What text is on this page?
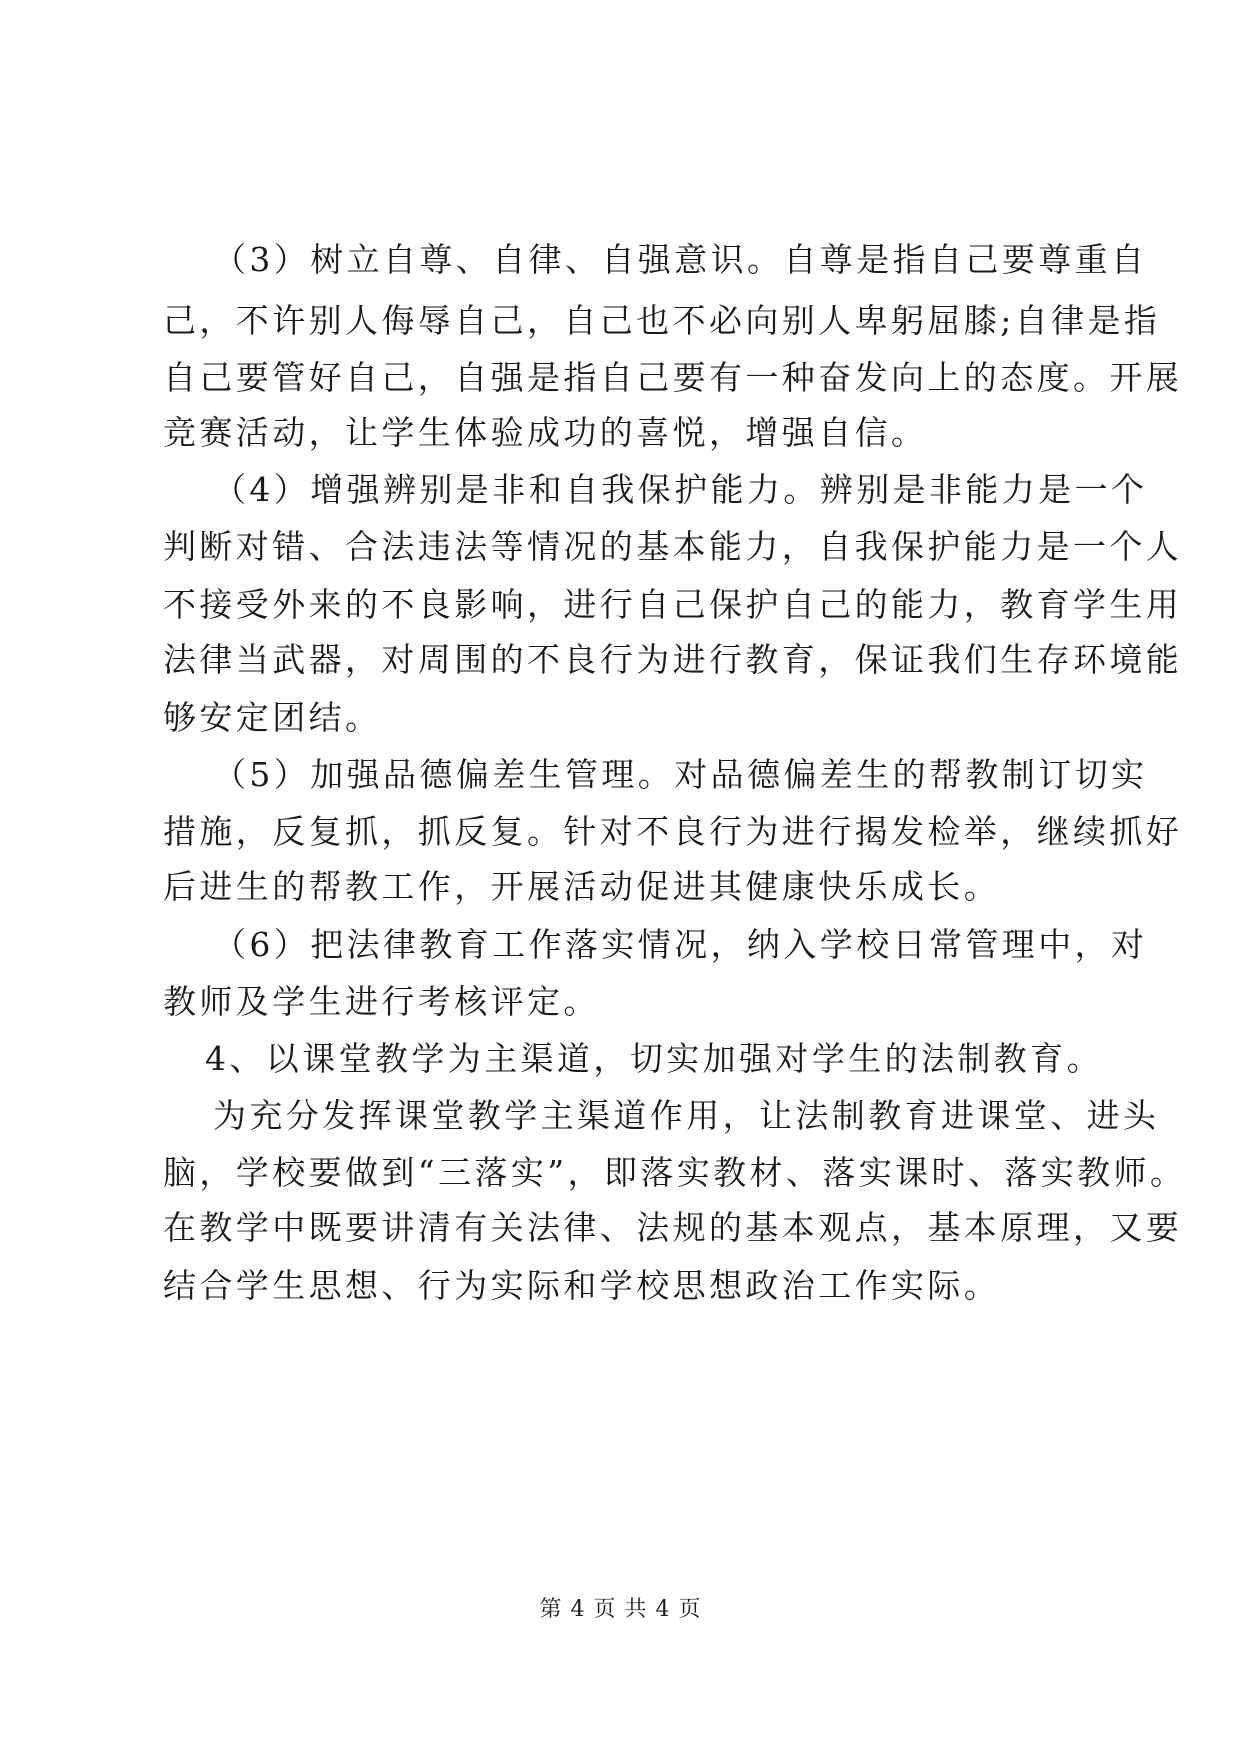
（3）树立自尊、自律、自强意识。自尊是指自己要尊重自
己，不许别人侮辱自己，自己也不必向别人卑躬屈膝;自律是指
自己要管好自己，自强是指自己要有一种奋发向上的态度。开展
竞赛活动，让学生体验成功的喜悦，增强自信。
（4）增强辨别是非和自我保护能力。辨别是非能力是一个
判断对错、合法违法等情况的基本能力，自我保护能力是一个人
不接受外来的不良影响，进行自己保护自己的能力，教育学生用
法律当武器，对周围的不良行为进行教育，保证我们生存环境能
够安定团结。
（5）加强品德偏差生管理。对品德偏差生的帮教制订切实
措施，反复抓，抓反复。针对不良行为进行揭发检举，继续抓好
后进生的帮教工作，开展活动促进其健康快乐成长。
（6）把法律教育工作落实情况，纳入学校日常管理中，对
教师及学生进行考核评定。
4、以课堂教学为主渠道，切实加强对学生的法制教育。
为充分发挥课堂教学主渠道作用，让法制教育进课堂、进头
脑，学校要做到“三落实”，即落实教材、落实课时、落实教师。
在教学中既要讲清有关法律、法规的基本观点，基本原理，又要
结合学生思想、行为实际和学校思想政治工作实际。
第 4 页 共 4 页
